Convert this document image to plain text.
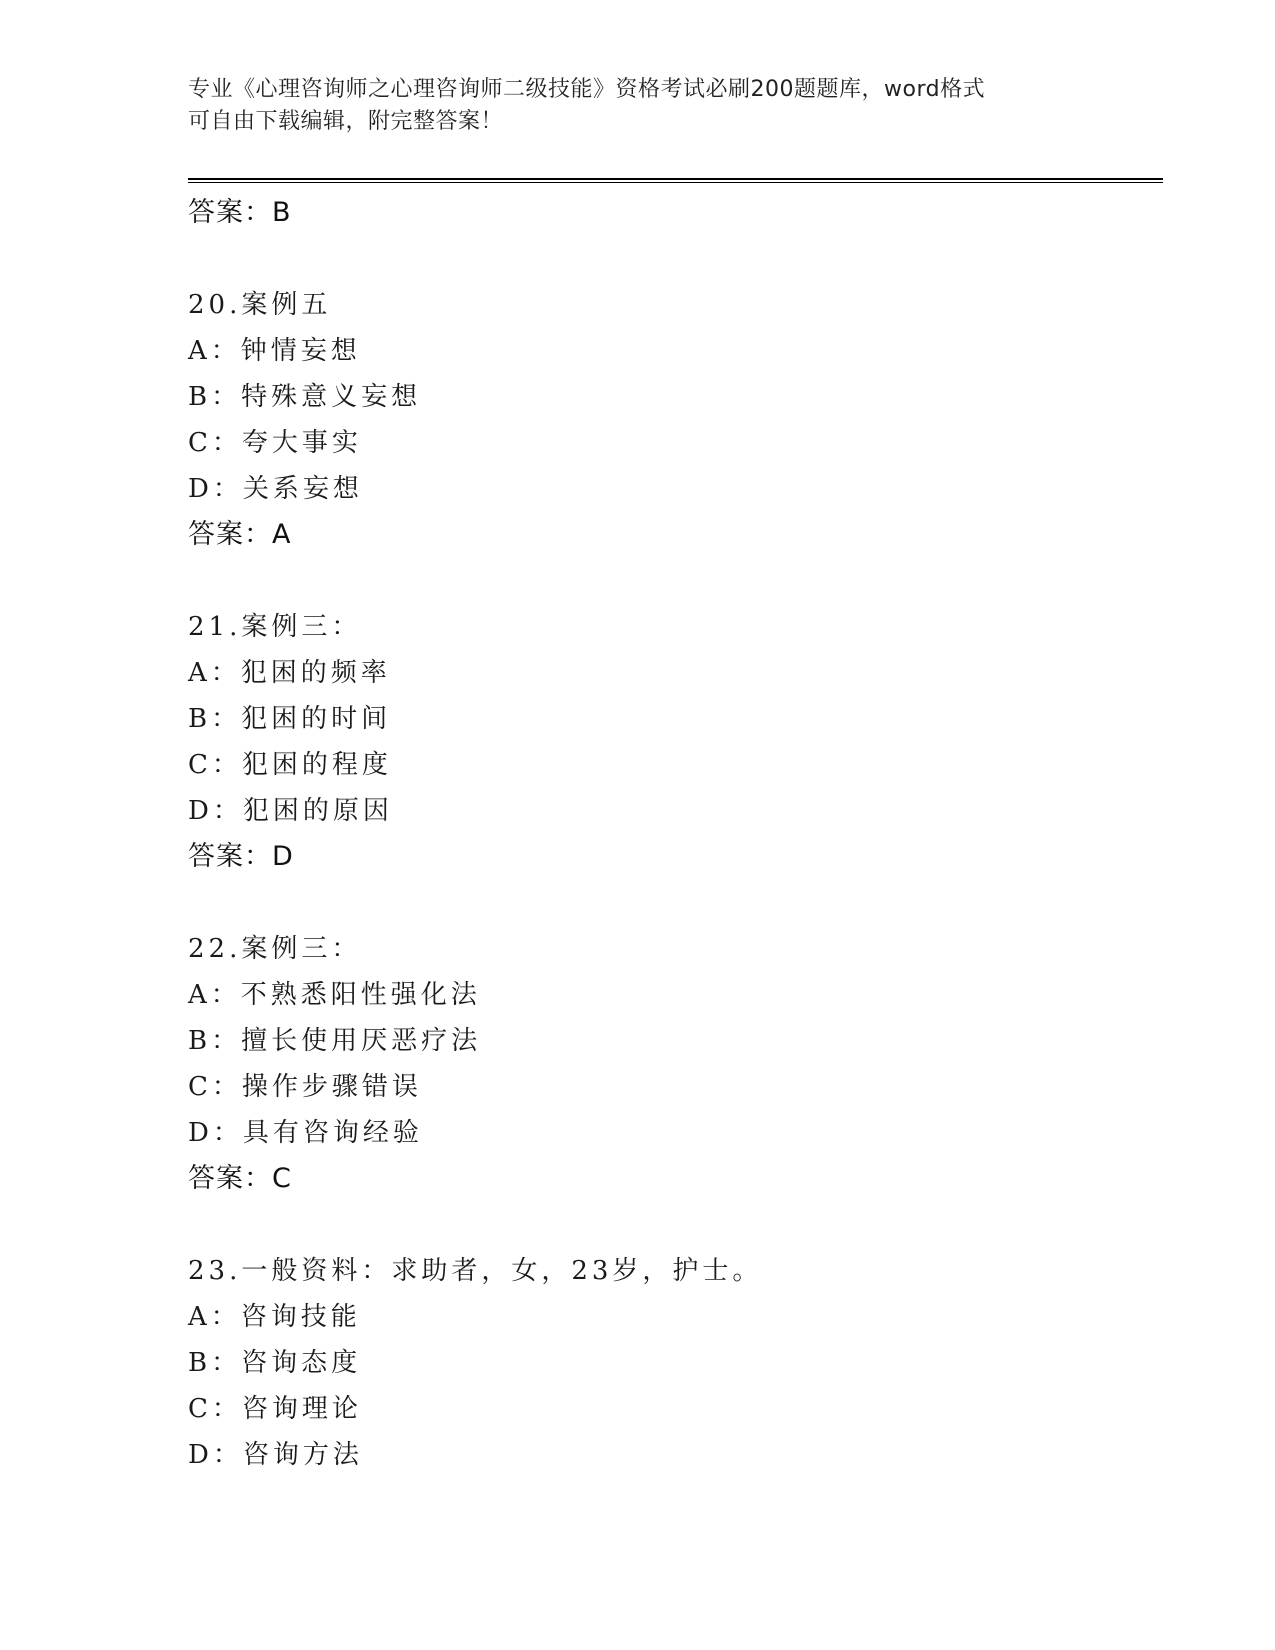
专业《心理咨询师之心理咨询师二级技能》资格考试必刷200题题库，word格式
可自由下载编辑，附完整答案！
答案：B
20.案例五
A：钟情妄想
B：特殊意义妄想
C：夸大事实
D：关系妄想
答案：A
21.案例三：
A：犯困的频率
B：犯困的时间
C：犯困的程度
D：犯困的原因
答案：D
22.案例三：
A：不熟悉阳性强化法
B：擅长使用厌恶疗法
C：操作步骤错误
D：具有咨询经验
答案：C
23.一般资料：求助者，女，23岁，护士。
A：咨询技能
B：咨询态度
C：咨询理论
D：咨询方法
